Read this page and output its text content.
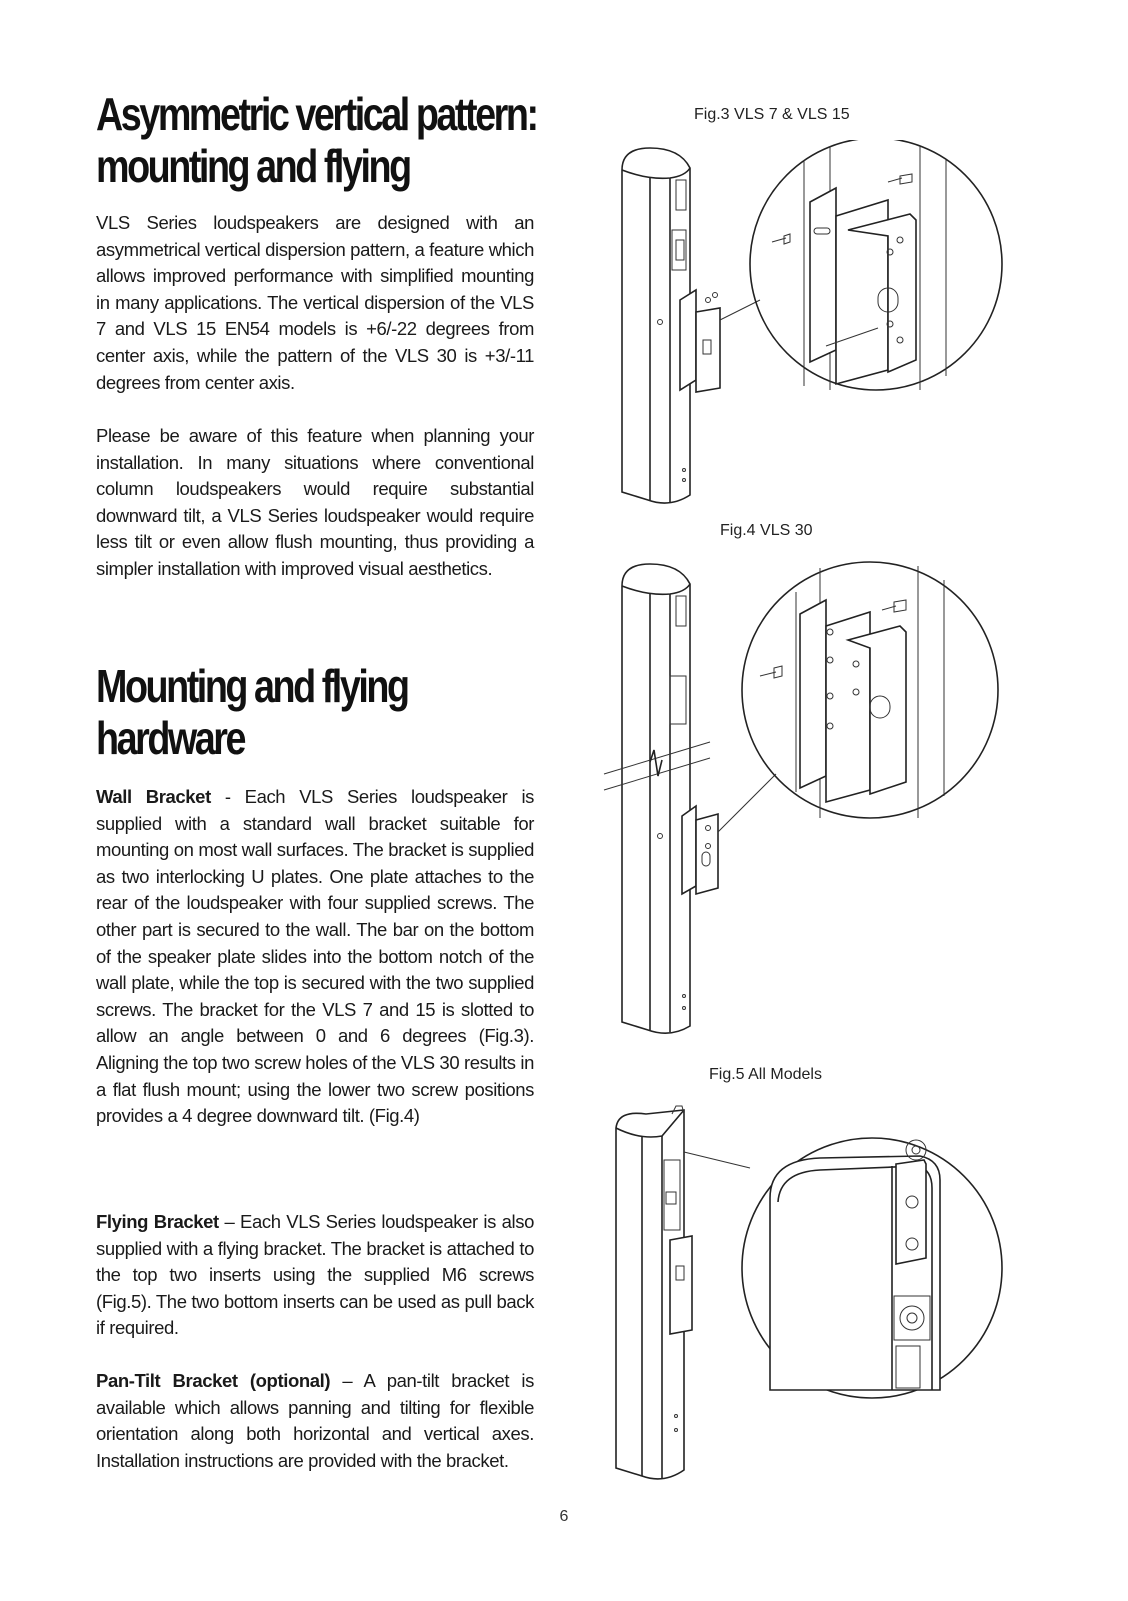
Asymmetric vertical pattern:
mounting and flying

VLS Series loudspeakers are designed with an asymmetrical vertical dispersion pattern, a feature which allows improved performance with simplified mounting in many applications. The vertical dispersion of the VLS 7 and VLS 15 EN54 models is +6/-22 degrees from center axis, while the pattern of the VLS 30 is +3/-11 degrees from center axis.

Please be aware of this feature when planning your installation. In many situations where conventional column loudspeakers would require substantial downward tilt, a VLS Series loudspeaker would require less tilt or even allow flush mounting, thus providing a simpler installation with improved visual aesthetics.

Mounting and flying
hardware

Wall Bracket - Each VLS Series loudspeaker is supplied with a standard wall bracket suitable for mounting on most wall surfaces. The bracket is supplied as two interlocking U plates. One plate attaches to the rear of the loudspeaker with four supplied screws. The other part is secured to the wall. The bar on the bottom of the speaker plate slides into the bottom notch of the wall plate, while the top is secured with the two supplied screws. The bracket for the VLS 7 and 15 is slotted to allow an angle between 0 and 6 degrees (Fig.3). Aligning the top two screw holes of the VLS 30 results in a flat flush mount; using the lower two screw positions provides a 4 degree downward tilt. (Fig.4)

Flying Bracket – Each VLS Series loudspeaker is also supplied with a flying bracket. The bracket is attached to the top two inserts using the supplied M6 screws (Fig.5). The two bottom inserts can be used as pull back if required.

Pan-Tilt Bracket (optional) – A pan-tilt bracket is available which allows panning and tilting for flexible orientation along both horizontal and vertical axes. Installation instructions are provided with the bracket.

Fig.3 VLS 7 & VLS 15
Fig.4 VLS 30
Fig.5 All Models
6
